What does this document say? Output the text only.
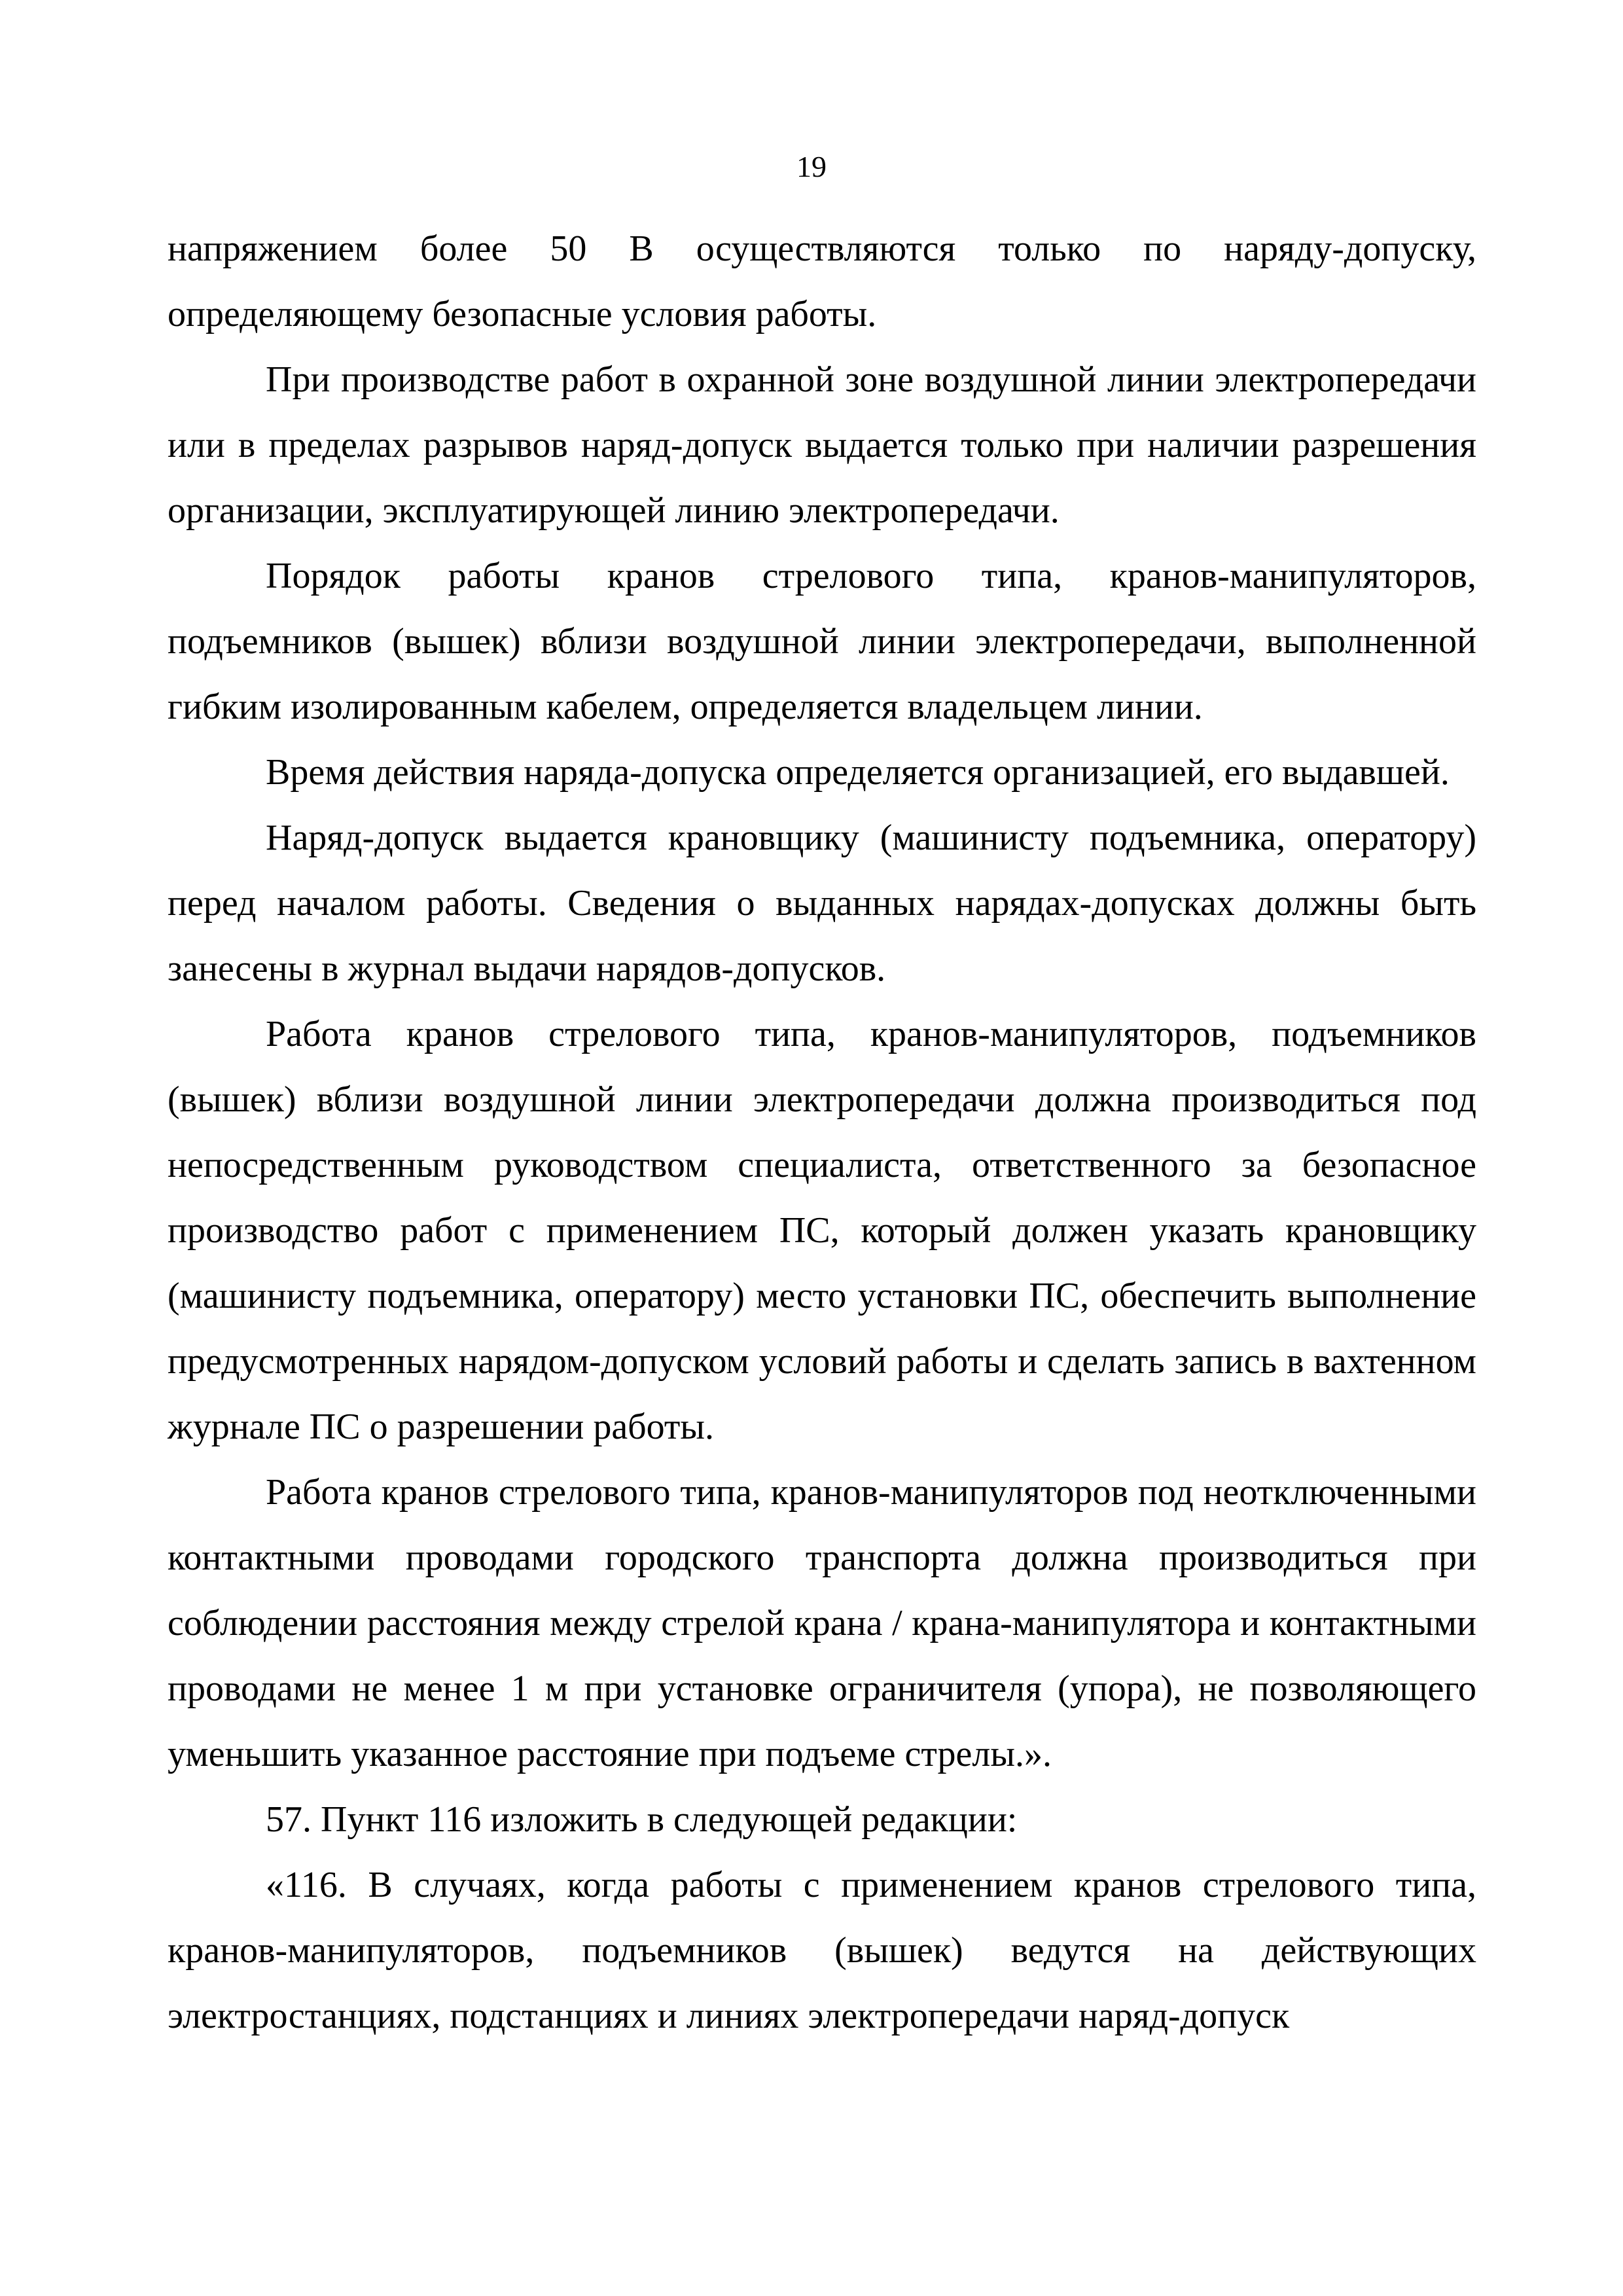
19

напряжением более 50 В осуществляются только по наряду-допуску, определяющему безопасные условия работы.

При производстве работ в охранной зоне воздушной линии электропередачи или в пределах разрывов наряд-допуск выдается только при наличии разрешения организации, эксплуатирующей линию электропередачи.

Порядок работы кранов стрелового типа, кранов-манипуляторов, подъемников (вышек) вблизи воздушной линии электропередачи, выполненной гибким изолированным кабелем, определяется владельцем линии.

Время действия наряда-допуска определяется организацией, его выдавшей.

Наряд-допуск выдается крановщику (машинисту подъемника, оператору) перед началом работы. Сведения о выданных нарядах-допусках должны быть занесены в журнал выдачи нарядов-допусков.

Работа кранов стрелового типа, кранов-манипуляторов, подъемников (вышек) вблизи воздушной линии электропередачи должна производиться под непосредственным руководством специалиста, ответственного за безопасное производство работ с применением ПС, который должен указать крановщику (машинисту подъемника, оператору) место установки ПС, обеспечить выполнение предусмотренных нарядом-допуском условий работы и сделать запись в вахтенном журнале ПС о разрешении работы.

Работа кранов стрелового типа, кранов-манипуляторов под неотключенными контактными проводами городского транспорта должна производиться при соблюдении расстояния между стрелой крана / крана-манипулятора и контактными проводами не менее 1 м при установке ограничителя (упора), не позволяющего уменьшить указанное расстояние при подъеме стрелы.».

57. Пункт 116 изложить в следующей редакции:

«116. В случаях, когда работы с применением кранов стрелового типа, кранов-манипуляторов, подъемников (вышек) ведутся на действующих электростанциях, подстанциях и линиях электропередачи наряд-допуск
